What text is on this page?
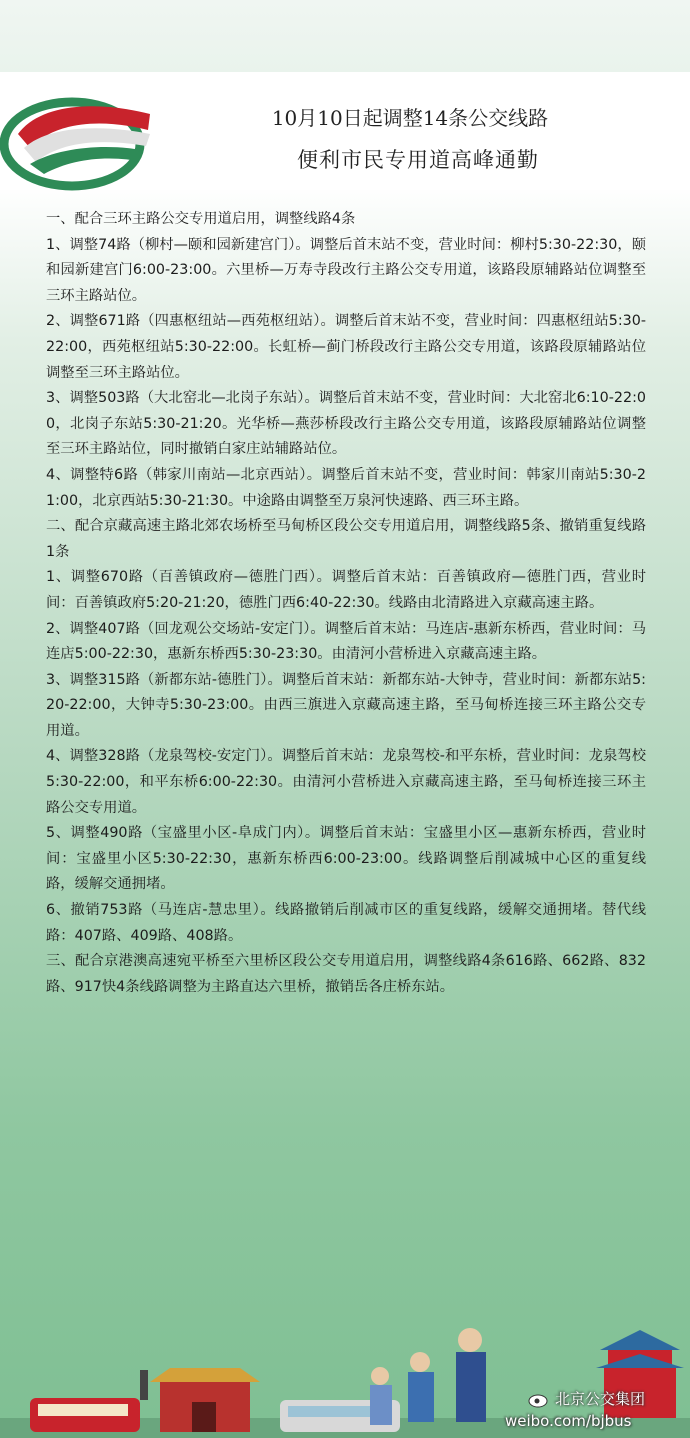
10月10日起调整14条公交线路
便利市民专用道高峰通勤

一、配合三环主路公交专用道启用，调整线路4条

1、调整74路（柳村—颐和园新建宫门）。调整后首末站不变，营业时间：柳村5:30-22:30，颐和园新建宫门6:00-23:00。六里桥—万寿寺段改行主路公交专用道，该路段原辅路站位调整至三环主路站位。

2、调整671路（四惠枢纽站—西苑枢纽站）。调整后首末站不变，营业时间：四惠枢纽站5:30-22:00，西苑枢纽站5:30-22:00。长虹桥—蓟门桥段改行主路公交专用道，该路段原辅路站位调整至三环主路站位。

3、调整503路（大北窑北—北岗子东站）。调整后首末站不变，营业时间：大北窑北6:10-22:00，北岗子东站5:30-21:20。光华桥—燕莎桥段改行主路公交专用道，该路段原辅路站位调整至三环主路站位，同时撤销白家庄站辅路站位。

4、调整特6路（韩家川南站—北京西站）。调整后首末站不变，营业时间：韩家川南站5:30-21:00，北京西站5:30-21:30。中途路由调整至万泉河快速路、西三环主路。

二、配合京藏高速主路北郊农场桥至马甸桥区段公交专用道启用，调整线路5条、撤销重复线路1条

1、调整670路（百善镇政府—德胜门西）。调整后首末站：百善镇政府—德胜门西，营业时间：百善镇政府5:20-21:20，德胜门西6:40-22:30。线路由北清路进入京藏高速主路。

2、调整407路（回龙观公交场站-安定门）。调整后首末站：马连店-惠新东桥西，营业时间：马连店5:00-22:30，惠新东桥西5:30-23:30。由清河小营桥进入京藏高速主路。

3、调整315路（新都东站-德胜门）。调整后首末站：新都东站-大钟寺，营业时间：新都东站5:20-22:00，大钟寺5:30-23:00。由西三旗进入京藏高速主路，至马甸桥连接三环主路公交专用道。

4、调整328路（龙泉驾校-安定门）。调整后首末站：龙泉驾校-和平东桥，营业时间：龙泉驾校5:30-22:00，和平东桥6:00-22:30。由清河小营桥进入京藏高速主路，至马甸桥连接三环主路公交专用道。

5、调整490路（宝盛里小区-阜成门内）。调整后首末站：宝盛里小区—惠新东桥西，营业时间：宝盛里小区5:30-22:30，惠新东桥西6:00-23:00。线路调整后削减城中心区的重复线路，缓解交通拥堵。

6、撤销753路（马连店-慧忠里）。线路撤销后削减市区的重复线路，缓解交通拥堵。替代线路：407路、409路、408路。

三、配合京港澳高速宛平桥至六里桥区段公交专用道启用，调整线路4条616路、662路、832路、917快4条线路调整为主路直达六里桥，撤销岳各庄桥东站。

北京公交集团
weibo.com/bjbus
